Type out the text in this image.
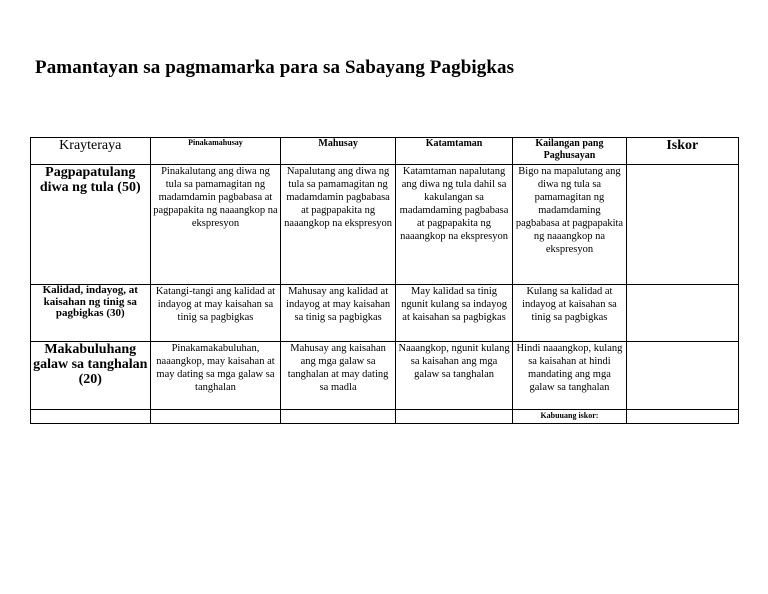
Pamantayan sa pagmamarka para sa Sabayang Pagbigkas
Krayteraya	Pinakamahusay	Mahusay	Katamtaman	Kailangan pang Paghusayan	Iskor
Pagpapatulang diwa ng tula (50)	Pinakalutang ang diwa ng tula sa pamamagitan ng madamdamin pagbabasa at pagpapakita ng naaangkop na ekspresyon	Napalutang ang diwa ng tula sa pamamagitan ng madamdamin pagbabasa at pagpapakita ng naaangkop na ekspresyon	Katamtaman napalutang ang diwa ng tula dahil sa kakulangan sa madamdaming pagbabasa at pagpapakita ng naaangkop na ekspresyon	Bigo na mapalutang ang diwa ng tula sa pamamagitan ng madamdaming pagbabasa at pagpapakita ng naaangkop na ekspresyon	
Kalidad, indayog, at kaisahan ng tinig sa pagbigkas (30)	Katangi-tangi ang kalidad at indayog at may kaisahan sa tinig sa pagbigkas	Mahusay ang kalidad at indayog at may kaisahan sa tinig sa pagbigkas	May kalidad sa tinig ngunit kulang sa indayog at kaisahan sa pagbigkas	Kulang sa kalidad at indayog at kaisahan sa tinig sa pagbigkas	
Makabuluhang galaw sa tanghalan (20)	Pinakamakabuluhan, naaangkop, may kaisahan at may dating sa mga galaw sa tanghalan	Mahusay ang kaisahan ang mga galaw sa tanghalan at may dating sa madla	Naaangkop, ngunit kulang sa kaisahan ang mga galaw sa tanghalan	Hindi naaangkop, kulang sa kaisahan at hindi mandating ang mga galaw sa tanghalan	
				Kabuuang iskor:	
